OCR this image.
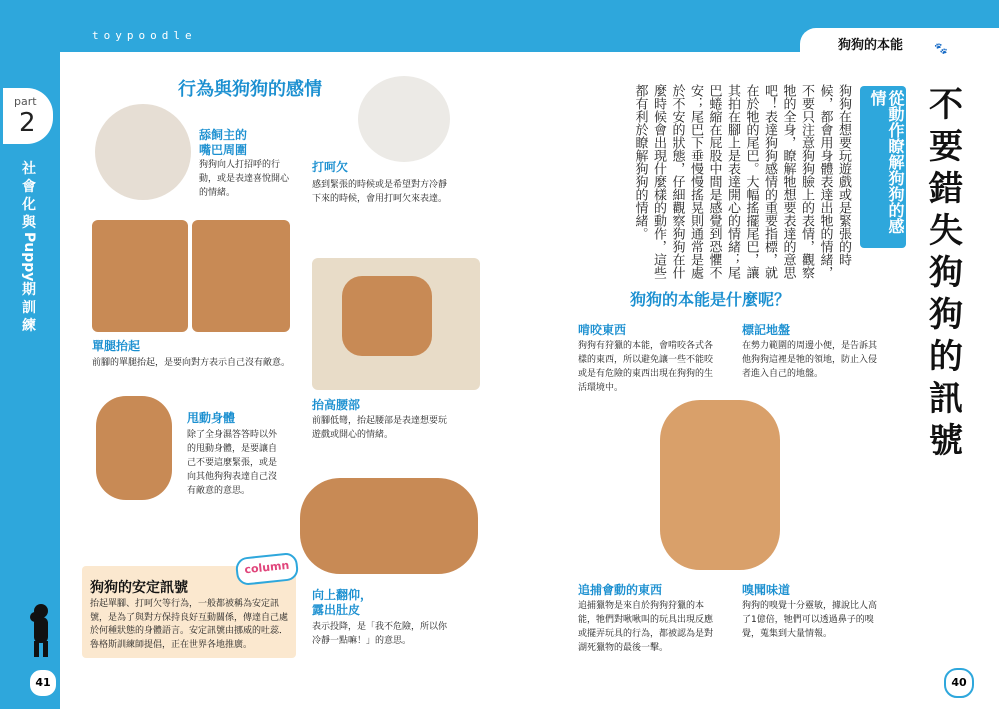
toypoodle
狗狗的本能	🐾
part
2
社
會
化
與
Puppy
期
訓
練
41	40
行為與狗狗的感情
舔飼主的
嘴巴周圍
狗狗向人打招呼的行
動，或是表達喜悅開心
的情緒。
打呵欠
感到緊張的時候或是希望對方冷靜
下來的時候，會用打呵欠來表達。
單腿抬起
前腳的單腿抬起，是要向對方表示自己沒有敵意。
抬高腰部
前腳低彎，抬起腰部是表達想要玩
遊戲或開心的情緒。
甩動身體
除了全身濕答答時以外
的甩動身體，是要讓自
己不要這麼緊張，或是
向其他狗狗表達自己沒
有敵意的意思。
向上翻仰，
露出肚皮
表示投降，是「我不危險，所以你
冷靜一點嘛！」的意思。
column
狗狗的安定訊號
抬起單腳、打呵欠等行為，一般都被稱為安定訊
號，是為了與對方保持良好互動關係，傳達自己處
於何種狀態的身體語言。安定訊號由挪威的吐蕊．
魯格斯訓練師提倡，正在世界各地推廣。
不
要
錯
失
狗
狗
的
訊
號
從動作瞭解狗狗的感情
狗狗在想要玩遊戲或是緊張的時候，都會用身體表達出牠的情緒，不要只注意狗狗臉上的表情，觀察牠的全身，瞭解牠想要表達的意思吧！表達狗狗感情的重要指標，就在於牠的尾巴。大幅搖擺尾巴，讓其拍在腳上是表達開心的情緒；尾巴蜷縮在屁股中間是感覺到恐懼不安；尾巴下垂慢慢搖晃則通常是處於不安的狀態，仔細觀察狗狗在什麼時候會出現什麼樣的動作，這些都有利於瞭解狗狗的情緒。
狗狗的本能是什麼呢？
啃咬東西
狗狗有狩獵的本能，會啃咬各式各
樣的東西，所以避免讓一些不能咬
或是有危險的東西出現在狗狗的生
活環境中。
標記地盤
在勢力範圍的周邊小便，是告訴其
他狗狗這裡是牠的領地，防止入侵
者進入自己的地盤。
追捕會動的東西
追捕獵物是來自於狗狗狩獵的本
能，牠們對啾啾叫的玩具出現反應
或擺弄玩具的行為，都被認為是對
湖死獵物的最後一擊。
嗅聞味道
狗狗的嗅覺十分靈敏，據說比人高
了1億倍，牠們可以透過鼻子的嗅
覺，蒐集到大量情報。
